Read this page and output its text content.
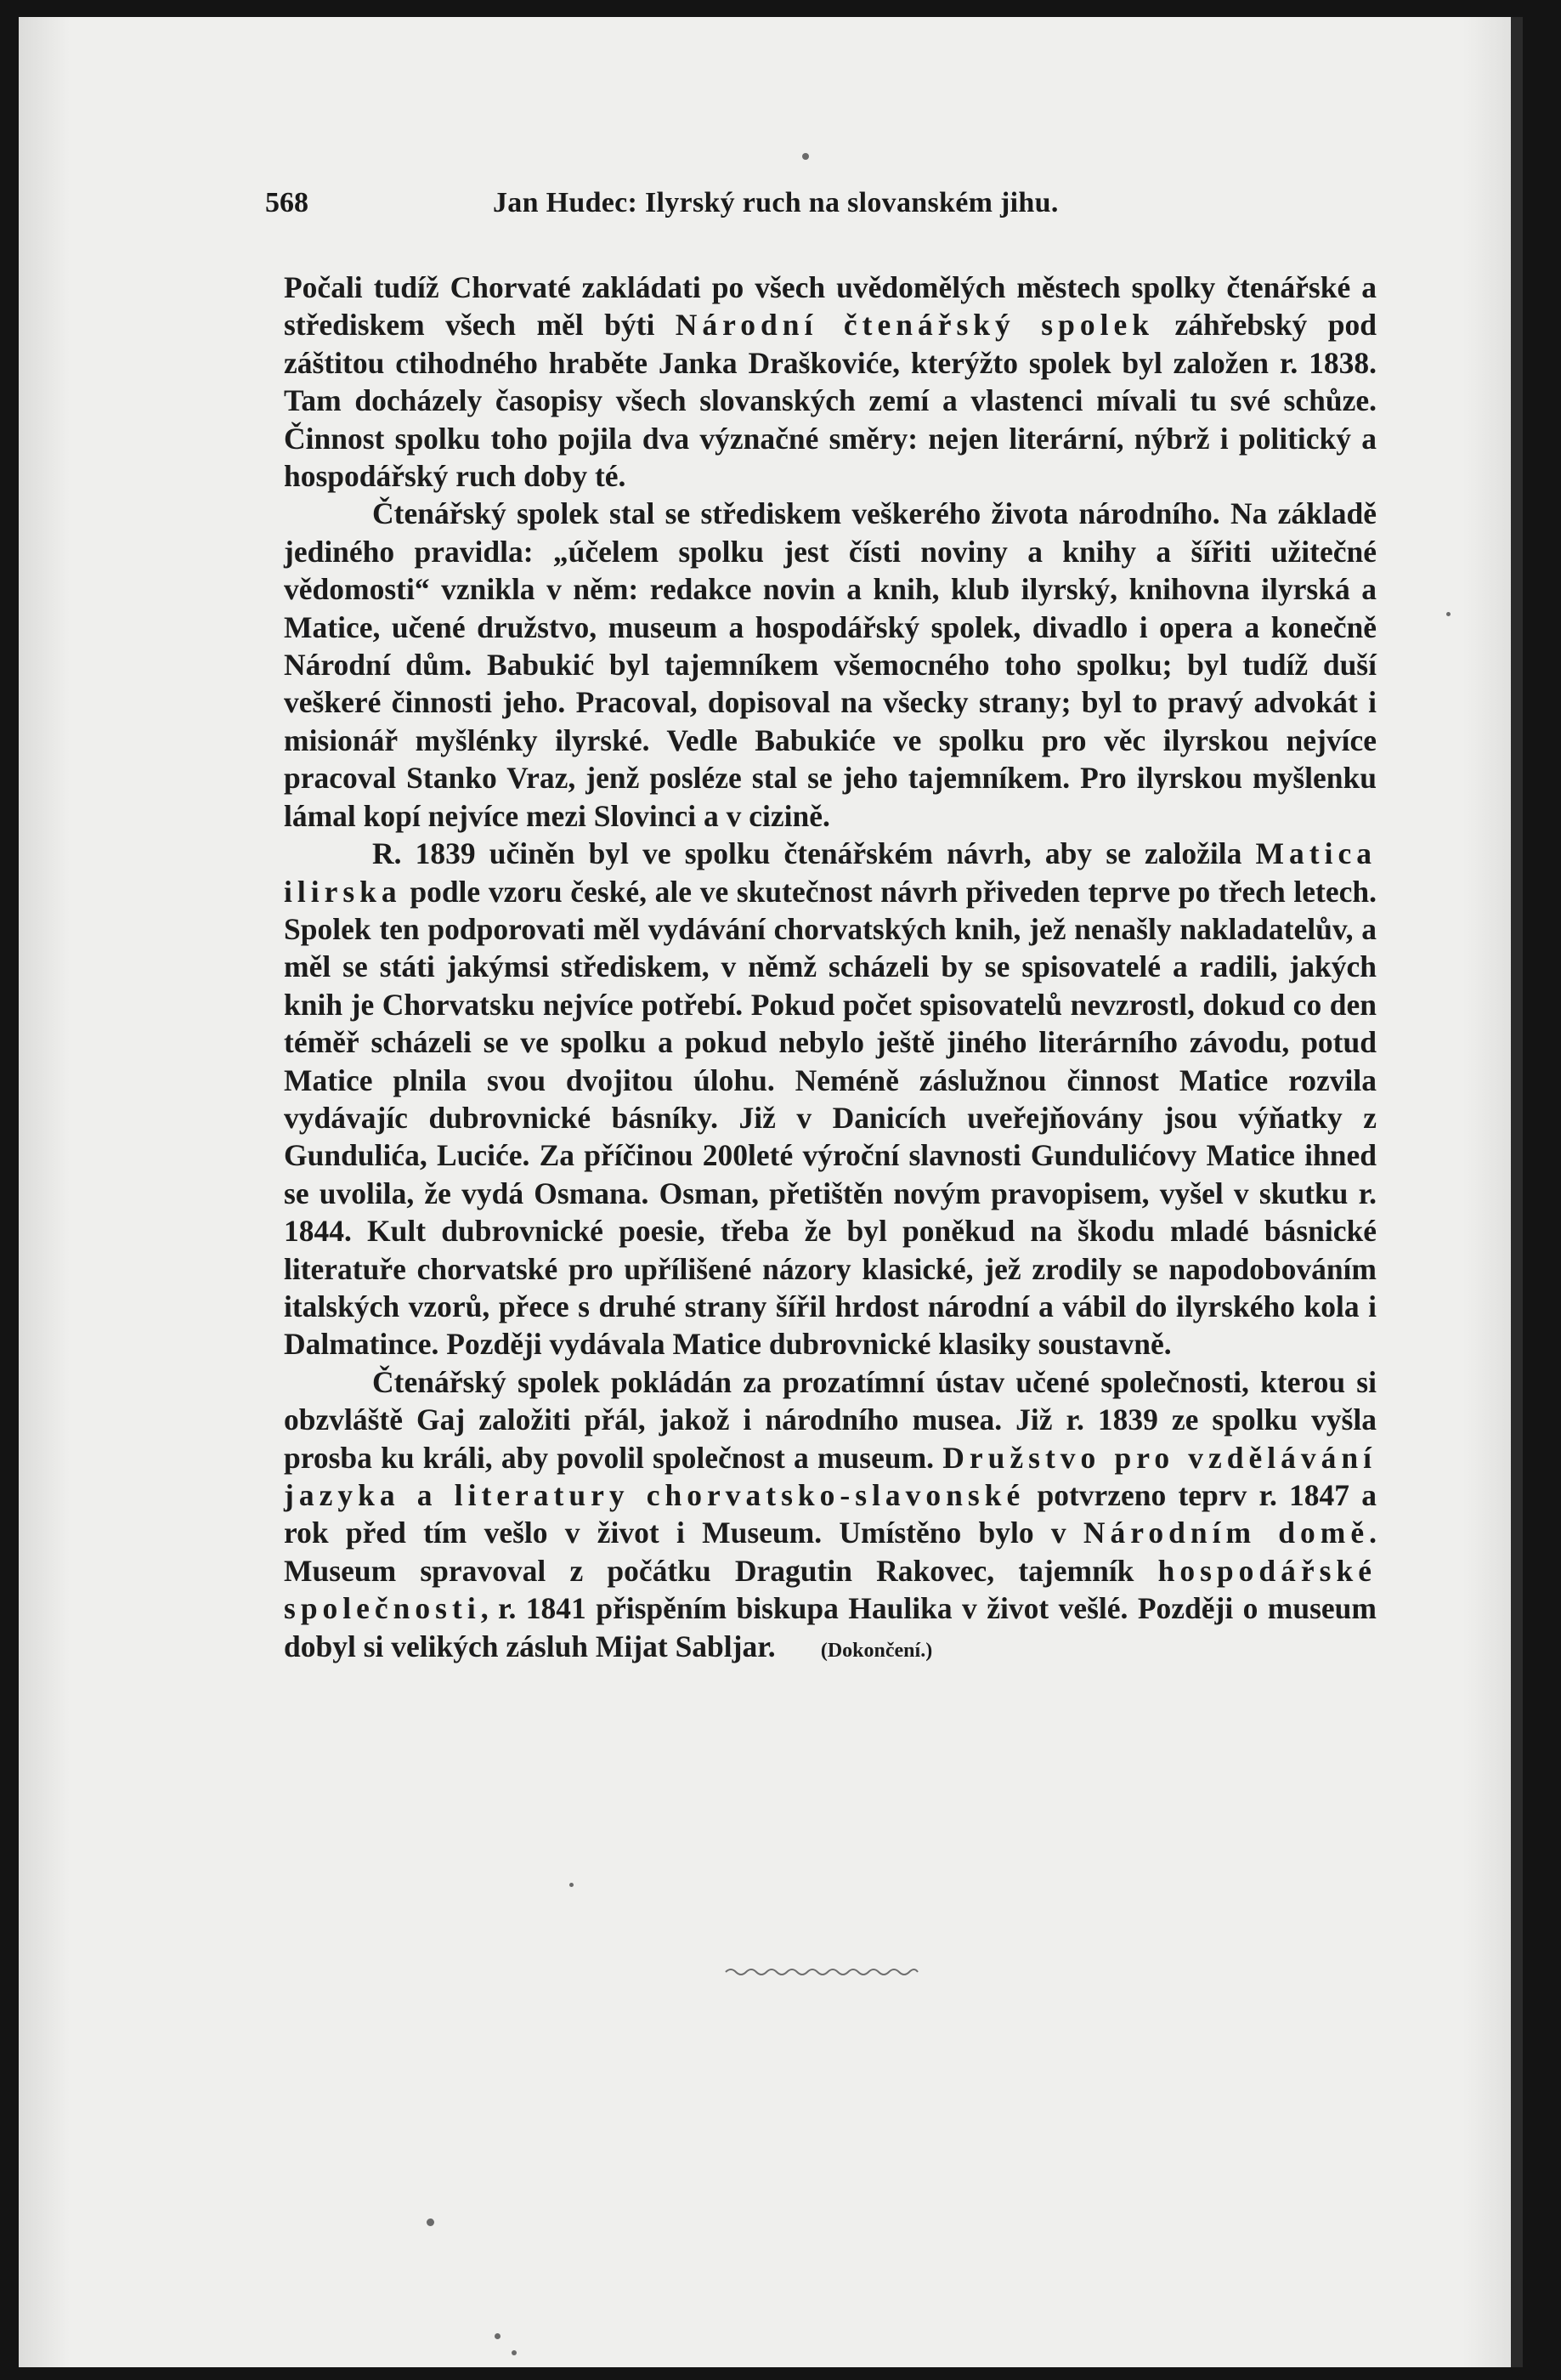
568	Jan Hudec: Ilyrský ruch na slovanském jihu.

Počali tudíž Chorvaté zakládati po všech uvědomělých městech spolky čtenářské a střediskem všech měl býti Národní čtenářský spolek záhřebský pod záštitou ctihodného hraběte Janka Draškoviće, kterýžto spolek byl založen r. 1838. Tam docházely časopisy všech slovanských zemí a vlastenci mívali tu své schůze. Činnost spolku toho pojila dva význačné směry: nejen literární, nýbrž i politický a hospodářský ruch doby té.

Čtenářský spolek stal se střediskem veškerého života národního. Na základě jediného pravidla: „účelem spolku jest čísti noviny a knihy a šířiti užitečné vědomosti“ vznikla v něm: redakce novin a knih, klub ilyrský, knihovna ilyrská a Matice, učené družstvo, museum a hospodářský spolek, divadlo i opera a konečně Národní dům. Babukić byl tajemníkem všemocného toho spolku; byl tudíž duší veškeré činnosti jeho. Pracoval, dopisoval na všecky strany; byl to pravý advokát i misionář myšlénky ilyrské. Vedle Babukiće ve spolku pro věc ilyrskou nejvíce pracoval Stanko Vraz, jenž posléze stal se jeho tajemníkem. Pro ilyrskou myšlenku lámal kopí nejvíce mezi Slovinci a v cizině.

R. 1839 učiněn byl ve spolku čtenářském návrh, aby se založila Matica ilirska podle vzoru české, ale ve skutečnost návrh přiveden teprve po třech letech. Spolek ten podporovati měl vydávání chorvatských knih, jež nenašly nakladatelův, a měl se státi jakýmsi střediskem, v němž scházeli by se spisovatelé a radili, jakých knih je Chorvatsku nejvíce potřebí. Pokud počet spisovatelů nevzrostl, dokud co den téměř scházeli se ve spolku a pokud nebylo ještě jiného literárního závodu, potud Matice plnila svou dvojitou úlohu. Neméně záslužnou činnost Matice rozvila vydávajíc dubrovnické básníky. Již v Danicích uveřejňovány jsou výňatky z Gundulića, Luciće. Za příčinou 200leté výroční slavnosti Gundulićovy Matice ihned se uvolila, že vydá Osmana. Osman, přetištěn novým pravopisem, vyšel v skutku r. 1844. Kult dubrovnické poesie, třeba že byl poněkud na škodu mladé básnické literatuře chorvatské pro upřílišené názory klasické, jež zrodily se napodobováním italských vzorů, přece s druhé strany šířil hrdost národní a vábil do ilyrského kola i Dalmatince. Později vydávala Matice dubrovnické klasiky soustavně.

Čtenářský spolek pokládán za prozatímní ústav učené společnosti, kterou si obzvláště Gaj založiti přál, jakož i národního musea. Již r. 1839 ze spolku vyšla prosba ku králi, aby povolil společnost a museum. Družstvo pro vzdělávání jazyka a literatury chorvatsko-slavonské potvrzeno teprv r. 1847 a rok před tím vešlo v život i Museum. Umístěno bylo v Národním domě. Museum spravoval z počátku Dragutin Rakovec, tajemník hospodářské společnosti, r. 1841 přispěním biskupa Haulika v život vešlé. Později o museum dobyl si velikých zásluh Mijat Sabljar. (Dokončení.)
